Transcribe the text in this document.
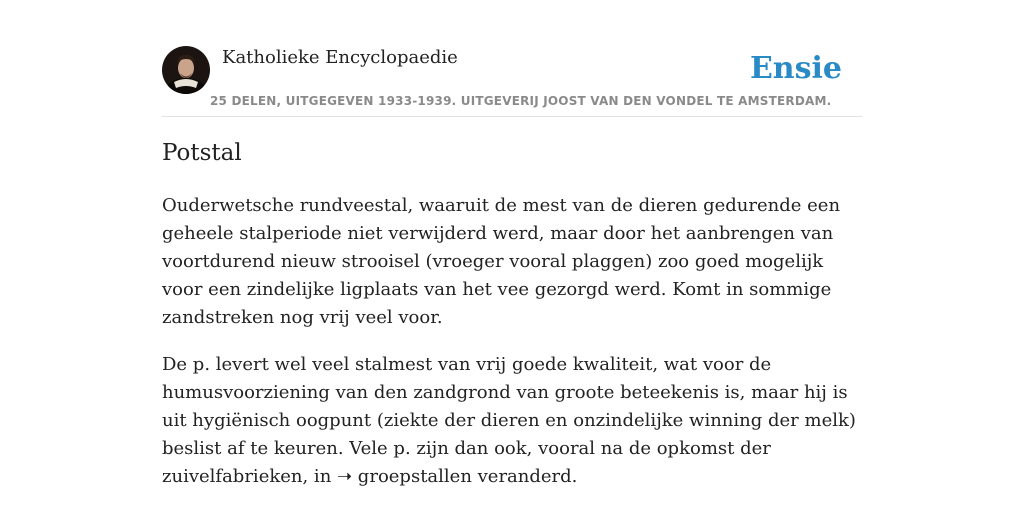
Katholieke Encyclopaedie
25 DELEN, UITGEGEVEN 1933-1939. UITGEVERIJ JOOST VAN DEN VONDEL TE AMSTERDAM.
Ensie
Potstal

Ouderwetsche rundveestal, waaruit de mest van de dieren gedurende een geheele stalperiode niet verwijderd werd, maar door het aanbrengen van voortdurend nieuw strooisel (vroeger vooral plaggen) zoo goed mogelijk voor een zindelijke ligplaats van het vee gezorgd werd. Komt in sommige zandstreken nog vrij veel voor.

De p. levert wel veel stalmest van vrij goede kwaliteit, wat voor de humusvoorziening van den zandgrond van groote beteekenis is, maar hij is uit hygiënisch oogpunt (ziekte der dieren en onzindelijke winning der melk) beslist af te keuren. Vele p. zijn dan ook, vooral na de opkomst der zuivelfabrieken, in ➝ groepstallen veranderd.
